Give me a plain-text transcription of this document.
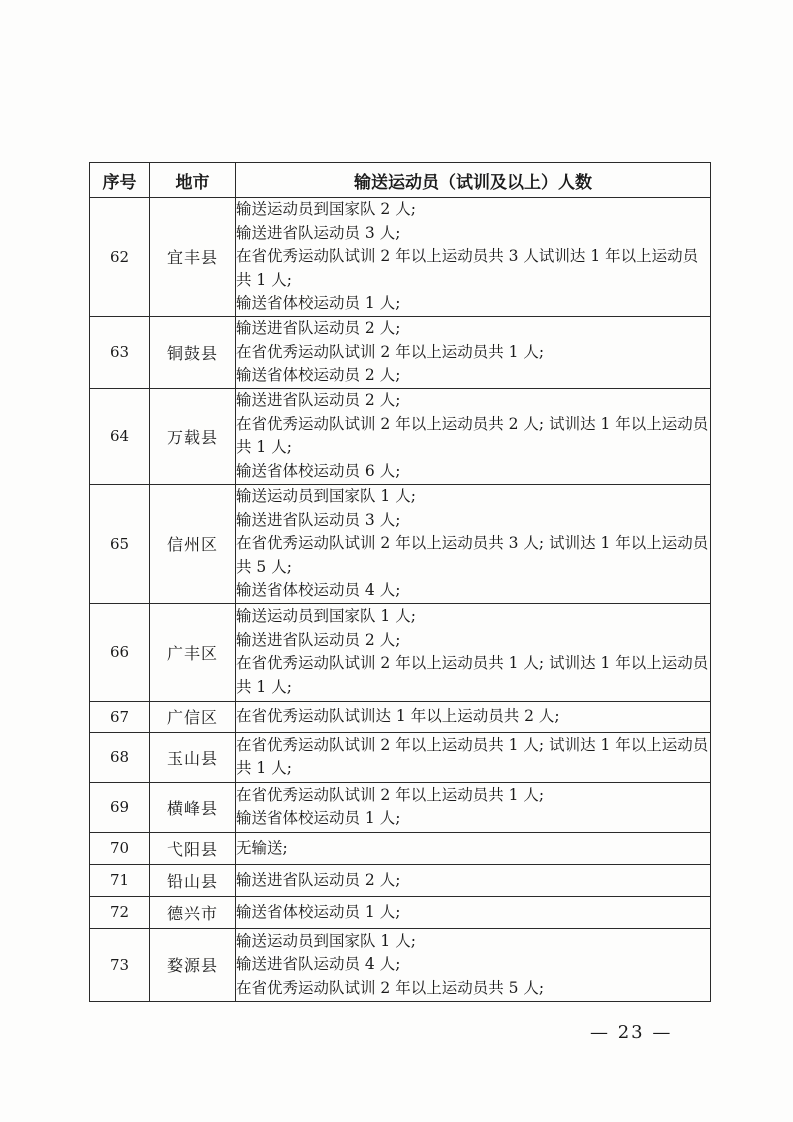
序号	地市	输送运动员（试训及以上）人数
62	宜丰县	输送运动员到国家队 2 人;
输送进省队运动员 3 人;
在省优秀运动队试训 2 年以上运动员共 3 人试训达 1 年以上运动员共 1 人;
输送省体校运动员 1 人;

63	铜鼓县	输送进省队运动员 2 人;
在省优秀运动队试训 2 年以上运动员共 1 人;
输送省体校运动员 2 人;

64	万载县	输送进省队运动员 2 人;
在省优秀运动队试训 2 年以上运动员共 2 人; 试训达 1 年以上运动员共 1 人;
输送省体校运动员 6 人;

65	信州区	输送运动员到国家队 1 人;
输送进省队运动员 3 人;
在省优秀运动队试训 2 年以上运动员共 3 人; 试训达 1 年以上运动员共 5 人;
输送省体校运动员 4 人;

66	广丰区	输送运动员到国家队 1 人;
输送进省队运动员 2 人;
在省优秀运动队试训 2 年以上运动员共 1 人; 试训达 1 年以上运动员共 1 人;

67	广信区	在省优秀运动队试训达 1 年以上运动员共 2 人;

68	玉山县	在省优秀运动队试训 2 年以上运动员共 1 人; 试训达 1 年以上运动员共 1 人;

69	横峰县	在省优秀运动队试训 2 年以上运动员共 1 人;
输送省体校运动员 1 人;

70	弋阳县	无输送;

71	铅山县	输送进省队运动员 2 人;

72	德兴市	输送省体校运动员 1 人;

73	婺源县	输送运动员到国家队 1 人;
输送进省队运动员 4 人;
在省优秀运动队试训 2 年以上运动员共 5 人;
— 23 —
